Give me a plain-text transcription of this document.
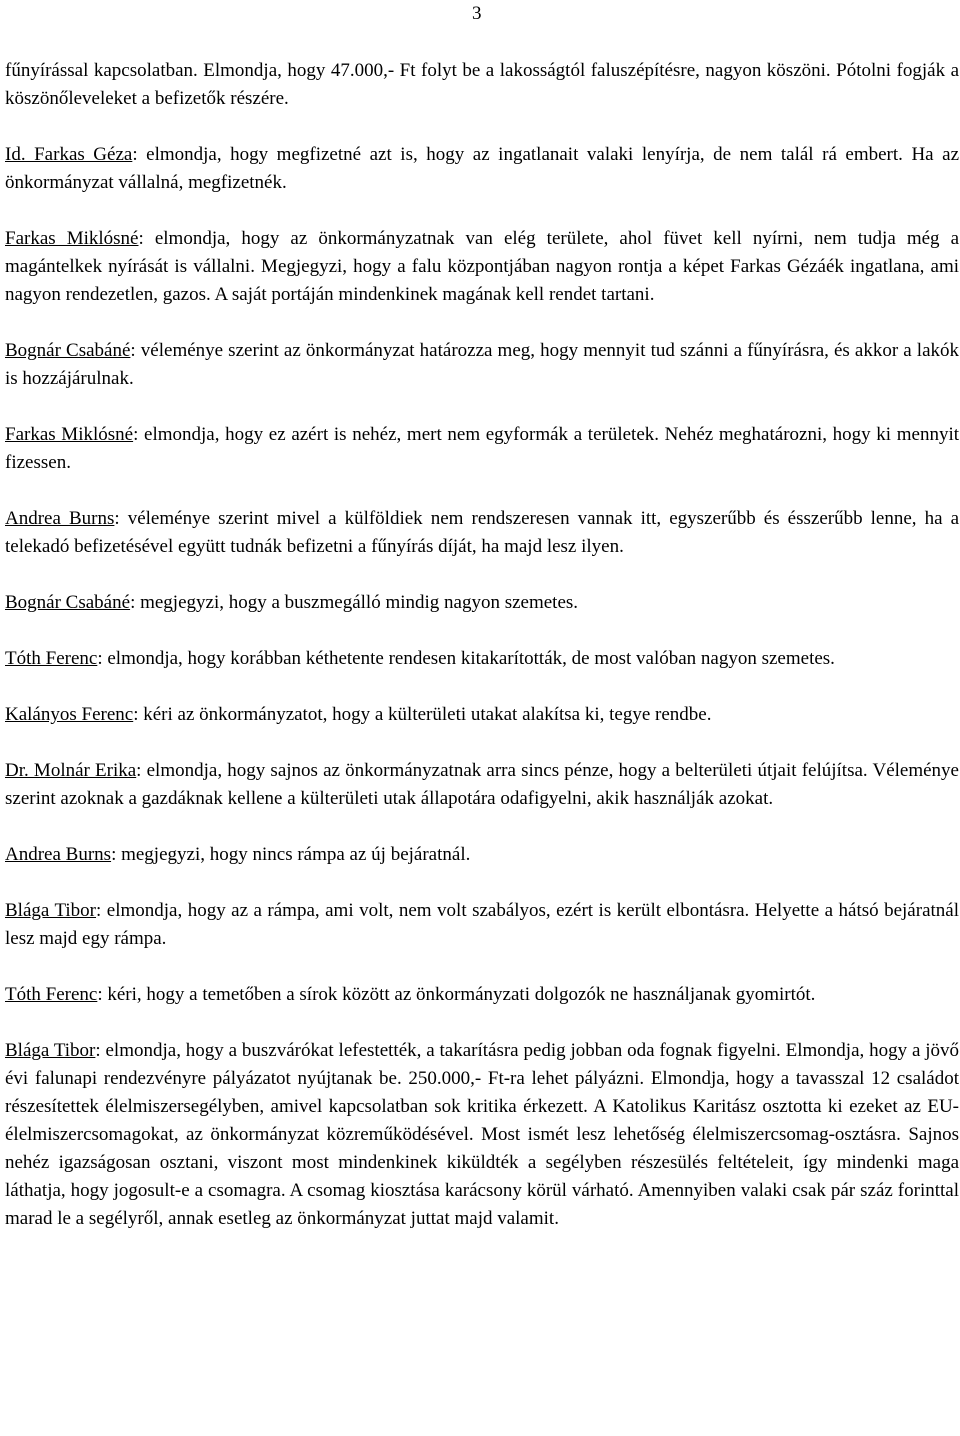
3

fűnyírással kapcsolatban. Elmondja, hogy 47.000,- Ft folyt be a lakosságtól faluszépítésre, nagyon köszöni. Pótolni fogják a köszönőleveleket a befizetők részére.

Id. Farkas Géza: elmondja, hogy megfizetné azt is, hogy az ingatlanait valaki lenyírja, de nem talál rá embert. Ha az önkormányzat vállalná, megfizetnék.

Farkas Miklósné: elmondja, hogy az önkormányzatnak van elég területe, ahol füvet kell nyírni, nem tudja még a magántelkek nyírását is vállalni. Megjegyzi, hogy a falu központjában nagyon rontja a képet Farkas Gézáék ingatlana, ami nagyon rendezetlen, gazos. A saját portáján mindenkinek magának kell rendet tartani.

Bognár Csabáné: véleménye szerint az önkormányzat határozza meg, hogy mennyit tud szánni a fűnyírásra, és akkor a lakók is hozzájárulnak.

Farkas Miklósné: elmondja, hogy ez azért is nehéz, mert nem egyformák a területek. Nehéz meghatározni, hogy ki mennyit fizessen.

Andrea Burns: véleménye szerint mivel a külföldiek nem rendszeresen vannak itt, egyszerűbb és ésszerűbb lenne, ha a telekadó befizetésével együtt tudnák befizetni a fűnyírás díját, ha majd lesz ilyen.

Bognár Csabáné: megjegyzi, hogy a buszmegálló mindig nagyon szemetes.

Tóth Ferenc: elmondja, hogy korábban kéthetente rendesen kitakarították, de most valóban nagyon szemetes.

Kalányos Ferenc: kéri az önkormányzatot, hogy a külterületi utakat alakítsa ki, tegye rendbe.

Dr. Molnár Erika: elmondja, hogy sajnos az önkormányzatnak arra sincs pénze, hogy a belterületi útjait felújítsa. Véleménye szerint azoknak a gazdáknak kellene a külterületi utak állapotára odafigyelni, akik használják azokat.

Andrea Burns: megjegyzi, hogy nincs rámpa az új bejáratnál.

Blága Tibor: elmondja, hogy az a rámpa, ami volt, nem volt szabályos, ezért is került elbontásra. Helyette a hátsó bejáratnál lesz majd egy rámpa.

Tóth Ferenc: kéri, hogy a temetőben a sírok között az önkormányzati dolgozók ne használjanak gyomirtót.

Blága Tibor: elmondja, hogy a buszvárókat lefestették, a takarításra pedig jobban oda fognak figyelni. Elmondja, hogy a jövő évi falunapi rendezvényre pályázatot nyújtanak be. 250.000,- Ft-ra lehet pályázni. Elmondja, hogy a tavasszal 12 családot részesítettek élelmiszersegélyben, amivel kapcsolatban sok kritika érkezett. A Katolikus Karitász osztotta ki ezeket az EU-élelmiszercsomagokat, az önkormányzat közreműködésével. Most ismét lesz lehetőség élelmiszercsomag-osztásra. Sajnos nehéz igazságosan osztani, viszont most mindenkinek kiküldték a segélyben részesülés feltételeit, így mindenki maga láthatja, hogy jogosult-e a csomagra. A csomag kiosztása karácsony körül várható. Amennyiben valaki csak pár száz forinttal marad le a segélyről, annak esetleg az önkormányzat juttat majd valamit.
